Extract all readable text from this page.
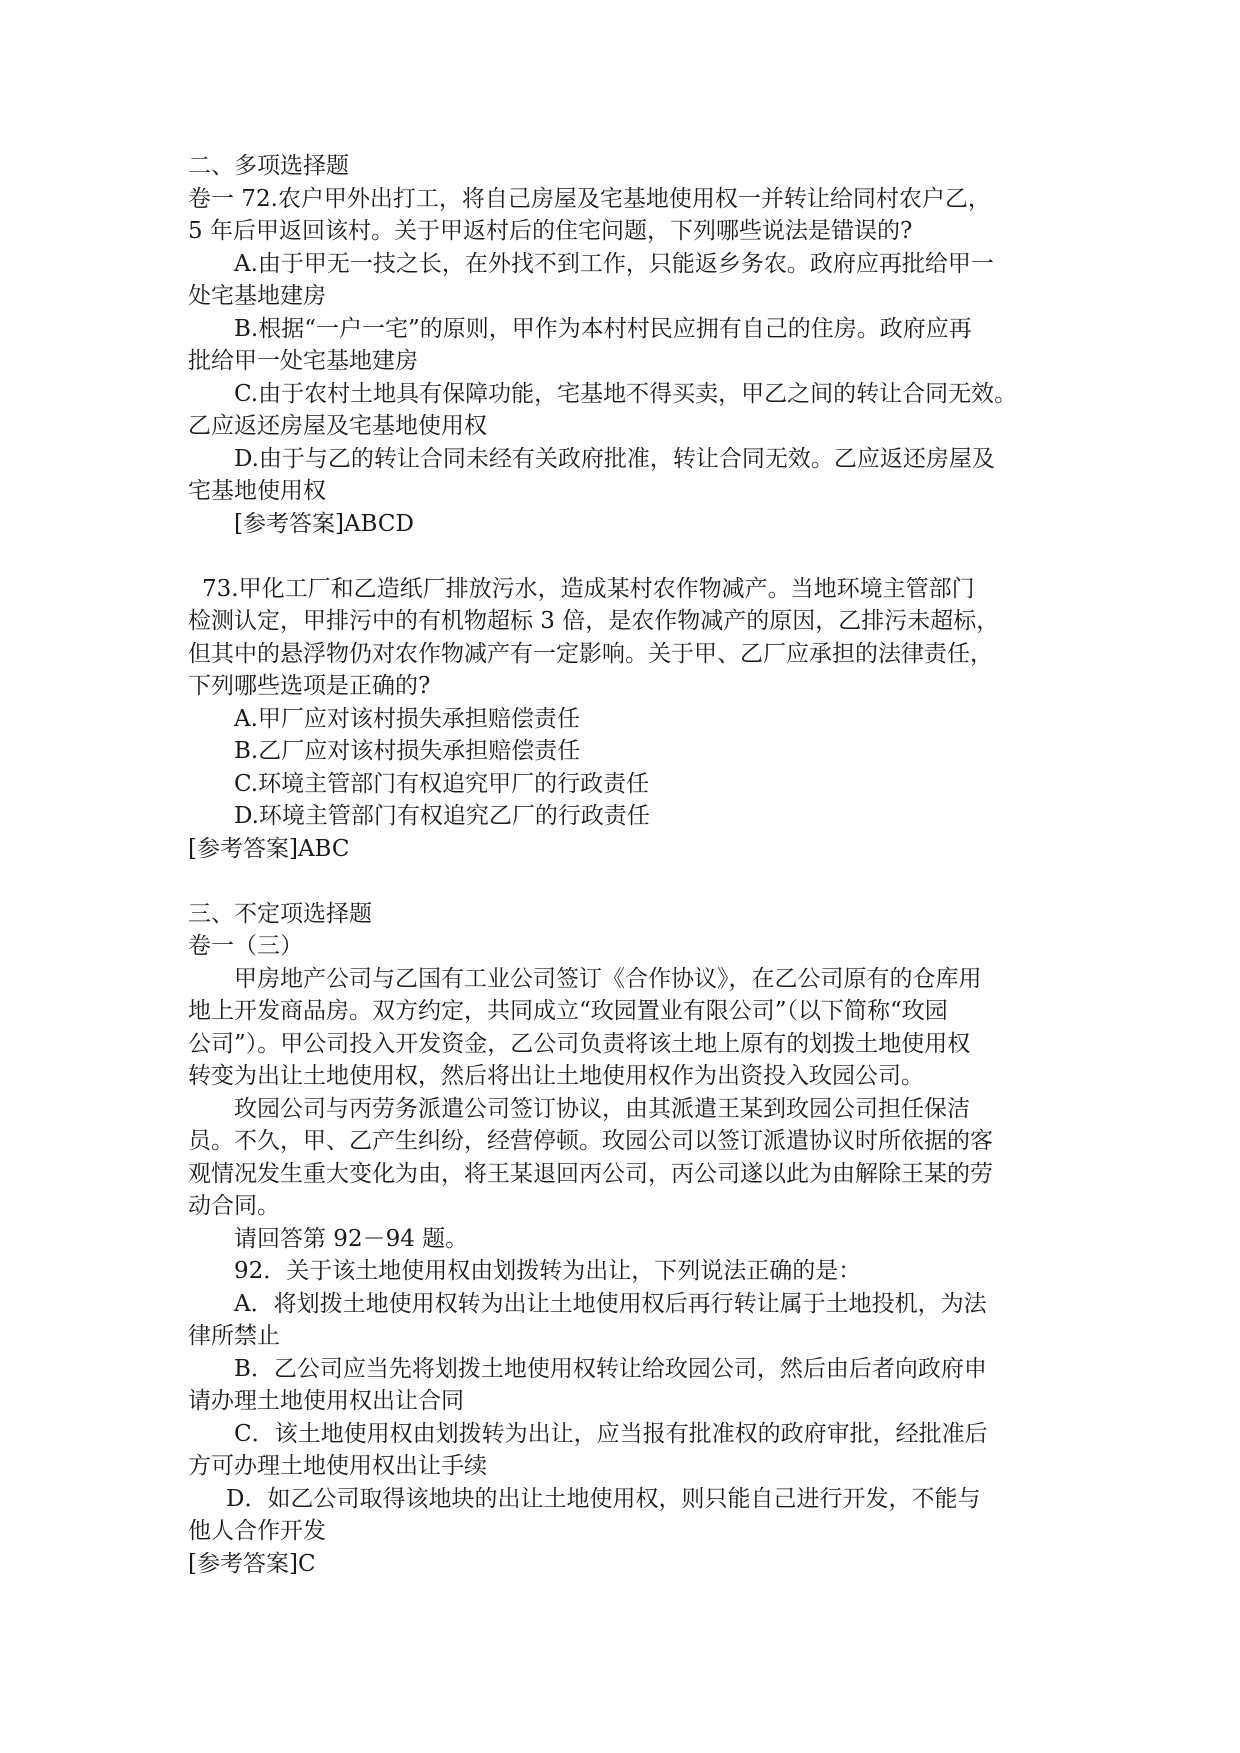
二、多项选择题

卷一 72.农户甲外出打工，将自己房屋及宅基地使用权一并转让给同村农户乙，

5 年后甲返回该村。关于甲返村后的住宅问题，下列哪些说法是错误的?

A.由于甲无一技之长，在外找不到工作，只能返乡务农。政府应再批给甲一

处宅基地建房

B.根据“一户一宅”的原则，甲作为本村村民应拥有自己的住房。政府应再

批给甲一处宅基地建房

C.由于农村土地具有保障功能，宅基地不得买卖，甲乙之间的转让合同无效。

乙应返还房屋及宅基地使用权

D.由于与乙的转让合同未经有关政府批准，转让合同无效。乙应返还房屋及

宅基地使用权

[参考答案]ABCD

73.甲化工厂和乙造纸厂排放污水，造成某村农作物减产。当地环境主管部门

检测认定，甲排污中的有机物超标 3 倍，是农作物减产的原因，乙排污未超标，

但其中的悬浮物仍对农作物减产有一定影响。关于甲、乙厂应承担的法律责任，

下列哪些选项是正确的?

A.甲厂应对该村损失承担赔偿责任

B.乙厂应对该村损失承担赔偿责任

C.环境主管部门有权追究甲厂的行政责任

D.环境主管部门有权追究乙厂的行政责任

[参考答案]ABC

三、不定项选择题

卷一（三）

甲房地产公司与乙国有工业公司签订《合作协议》，在乙公司原有的仓库用

地上开发商品房。双方约定，共同成立“玫园置业有限公司”（以下简称“玫园

公司”）。甲公司投入开发资金，乙公司负责将该土地上原有的划拨土地使用权

转变为出让土地使用权，然后将出让土地使用权作为出资投入玫园公司。

玫园公司与丙劳务派遣公司签订协议，由其派遣王某到玫园公司担任保洁

员。不久，甲、乙产生纠纷，经营停顿。玫园公司以签订派遣协议时所依据的客

观情况发生重大变化为由，将王某退回丙公司，丙公司遂以此为由解除王某的劳

动合同。

请回答第 92－94 题。

92．关于该土地使用权由划拨转为出让，下列说法正确的是：

A．将划拨土地使用权转为出让土地使用权后再行转让属于土地投机，为法

律所禁止

B．乙公司应当先将划拨土地使用权转让给玫园公司，然后由后者向政府申

请办理土地使用权出让合同

C．该土地使用权由划拨转为出让，应当报有批准权的政府审批，经批准后

方可办理土地使用权出让手续

D．如乙公司取得该地块的出让土地使用权，则只能自己进行开发，不能与

他人合作开发

[参考答案]C
